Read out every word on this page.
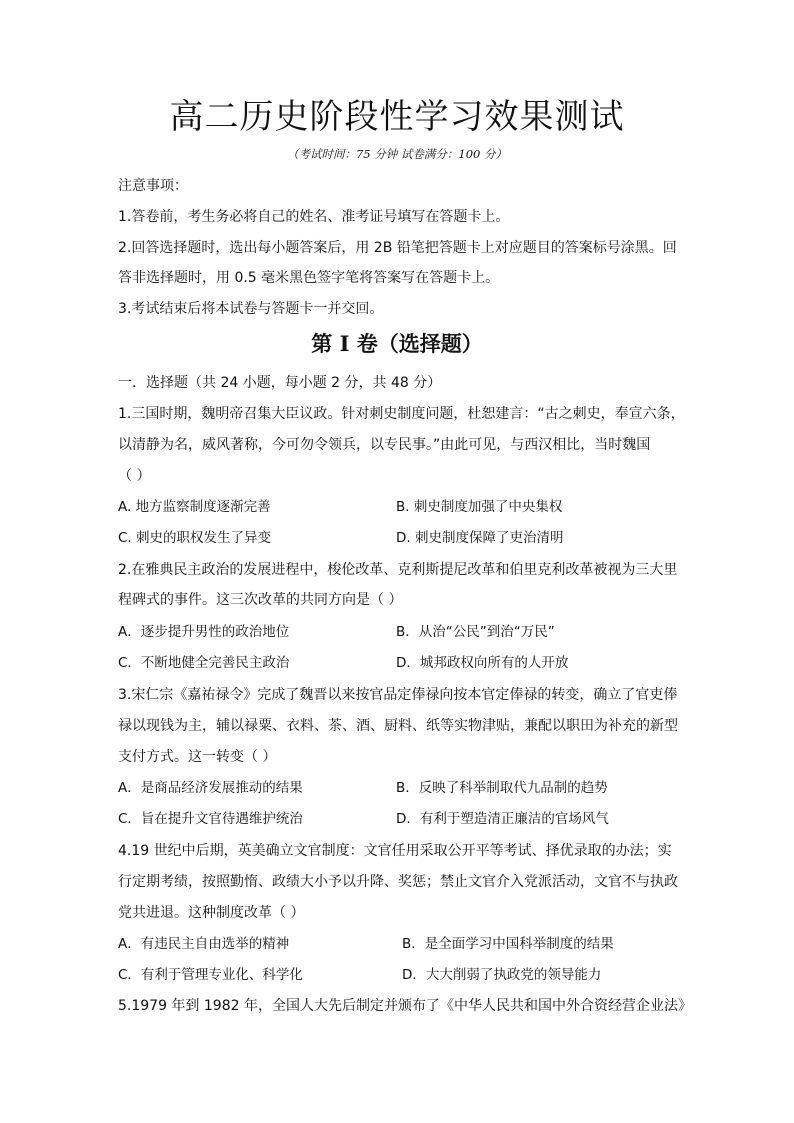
高二历史阶段性学习效果测试
（考试时间：75 分钟 试卷满分：100 分）
注意事项：
1.答卷前，考生务必将自己的姓名、准考证号填写在答题卡上。
2.回答选择题时，选出每小题答案后，用 2B 铅笔把答题卡上对应题目的答案标号涂黑。回
答非选择题时，用 0.5 毫米黑色签字笔将答案写在答题卡上。
3.考试结束后将本试卷与答题卡一并交回。
第 I 卷（选择题）
一．选择题（共 24 小题，每小题 2 分，共 48 分）
1.三国时期，魏明帝召集大臣议政。针对刺史制度问题，杜恕建言：“古之刺史，奉宣六条，
以清静为名，威风著称，今可勿令领兵，以专民事。”由此可见，与西汉相比，当时魏国
（ ）
A. 地方监察制度逐渐完善	B. 刺史制度加强了中央集权
C. 刺史的职权发生了异变	D. 刺史制度保障了吏治清明
2.在雅典民主政治的发展进程中，梭伦改革、克利斯提尼改革和伯里克利改革被视为三大里
程碑式的事件。这三次改革的共同方向是（ ）
A．逐步提升男性的政治地位	B．从治“公民”到治“万民”
C．不断地健全完善民主政治	D．城邦政权向所有的人开放
3.宋仁宗《嘉祐禄令》完成了魏晋以来按官品定俸禄向按本官定俸禄的转变，确立了官吏俸
禄以现钱为主，辅以禄粟、衣料、茶、酒、厨料、纸等实物津贴，兼配以职田为补充的新型
支付方式。这一转变（ ）
A．是商品经济发展推动的结果	B．反映了科举制取代九品制的趋势
C．旨在提升文官待遇维护统治	D．有利于塑造清正廉洁的官场风气
4.19 世纪中后期，英美确立文官制度：文官任用采取公开平等考试、择优录取的办法；实
行定期考绩，按照勤惰、政绩大小予以升降、奖惩；禁止文官介入党派活动，文官不与执政
党共进退。这种制度改革（ ）
A．有违民主自由选举的精神	B．是全面学习中国科举制度的结果
C．有利于管理专业化、科学化	D．大大削弱了执政党的领导能力
5.1979 年到 1982 年，全国人大先后制定并颁布了《中华人民共和国中外合资经营企业法》
